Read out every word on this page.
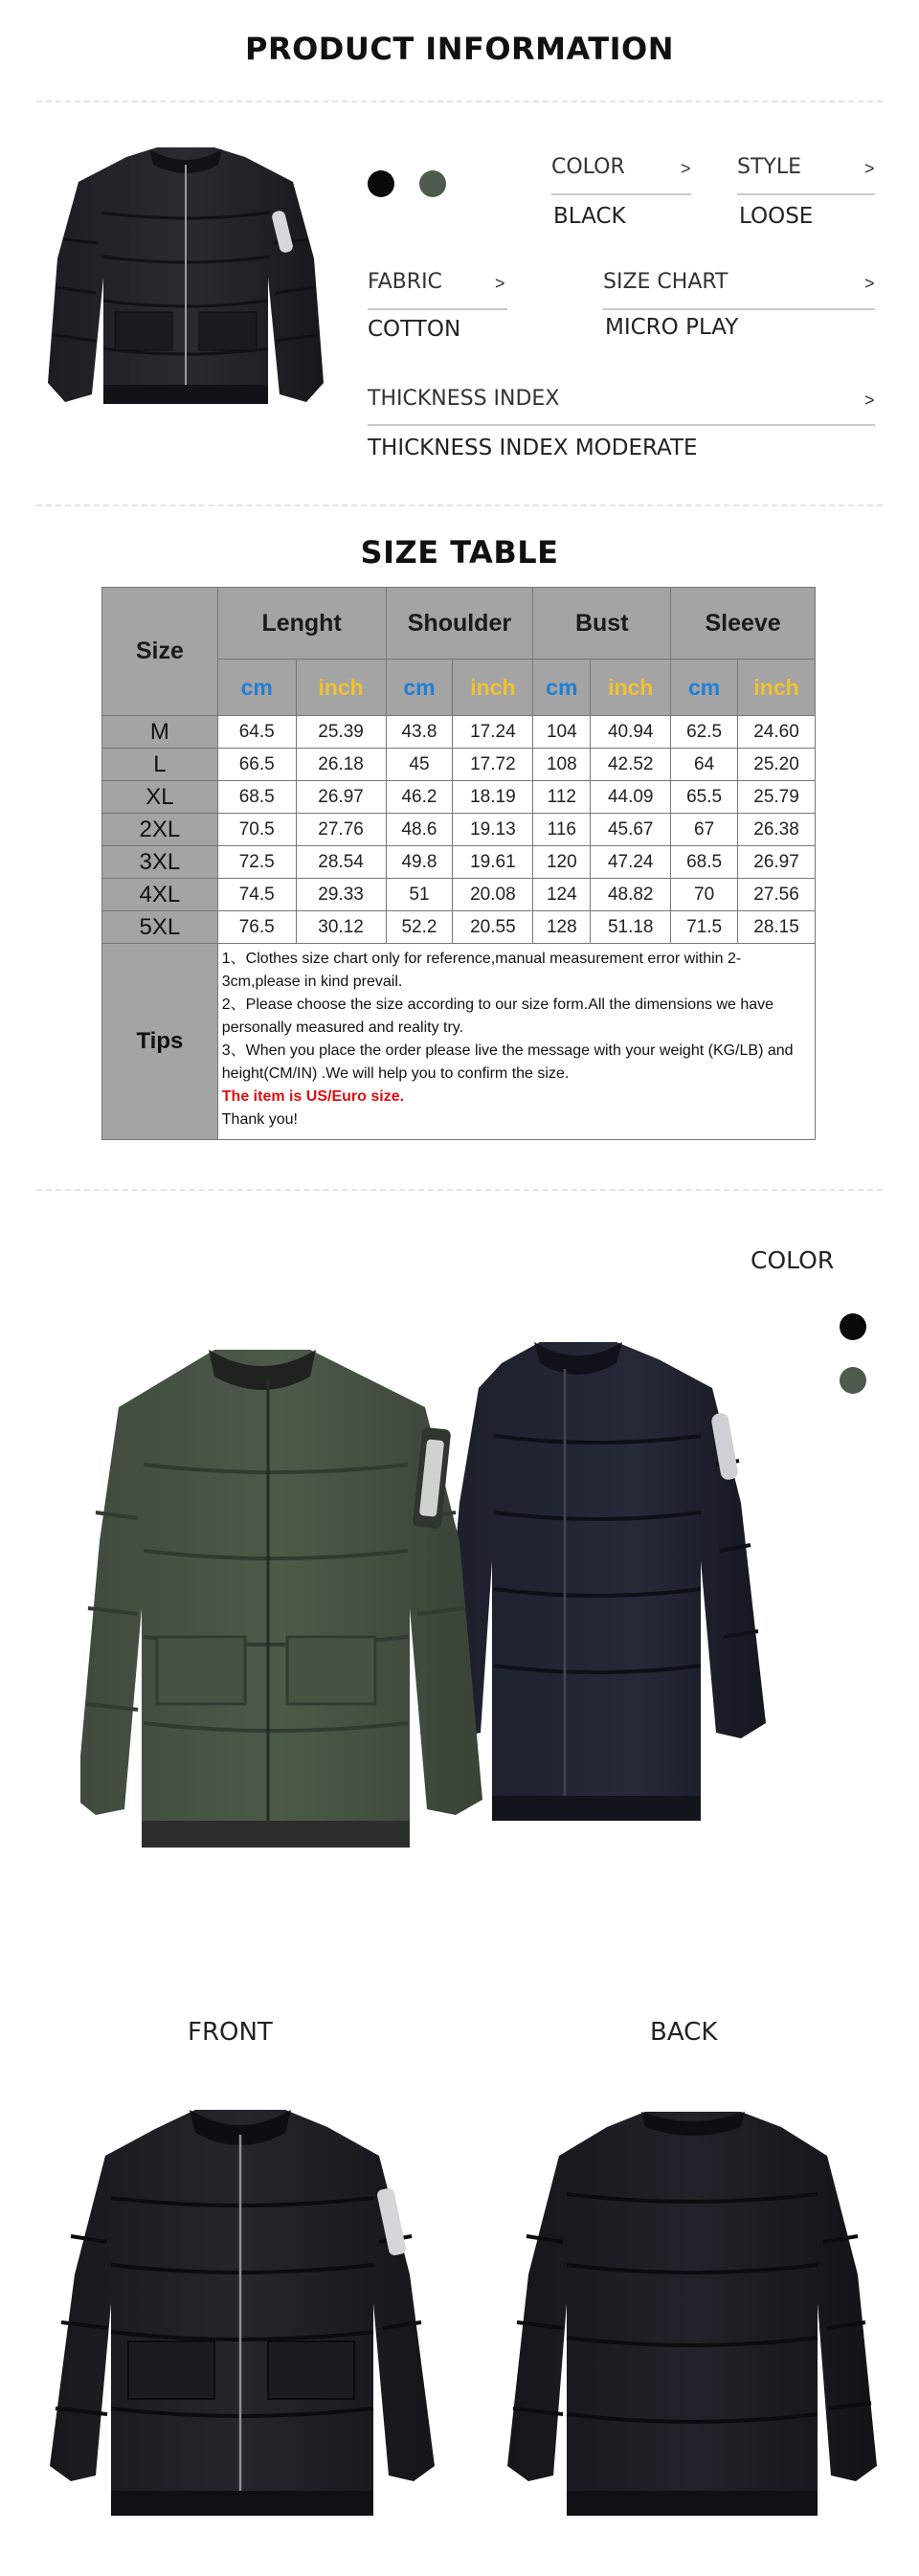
PRODUCT INFORMATION
COLOR	>
BLACK
STYLE	>
LOOSE
FABRIC	>
COTTON
SIZE CHART	>
MICRO PLAY
THICKNESS INDEX	>
THICKNESS INDEX MODERATE
SIZE TABLE
Size	Lenght		Shoulder		Bust		Sleeve	
	cm	inch	cm	inch	cm	inch	cm	inch
M	64.5	25.39	43.8	17.24	104	40.94	62.5	24.60
L	66.5	26.18	45	17.72	108	42.52	64	25.20
XL	68.5	26.97	46.2	18.19	112	44.09	65.5	25.79
2XL	70.5	27.76	48.6	19.13	116	45.67	67	26.38
3XL	72.5	28.54	49.8	19.61	120	47.24	68.5	26.97
4XL	74.5	29.33	51	20.08	124	48.82	70	27.56
5XL	76.5	30.12	52.2	20.55	128	51.18	71.5	28.15
Tips	1、Clothes size chart only for reference,manual measurement error within 2-3cm,please in kind prevail.
2、Please choose the size according to our size form.All the dimensions we have personally measured and reality try.
3、When you place the order please live the message with your weight (KG/LB) and height(CM/IN) .We will help you to confirm the size.
The item is US/Euro size.
Thank you!							
COLOR
FRONT	BACK
